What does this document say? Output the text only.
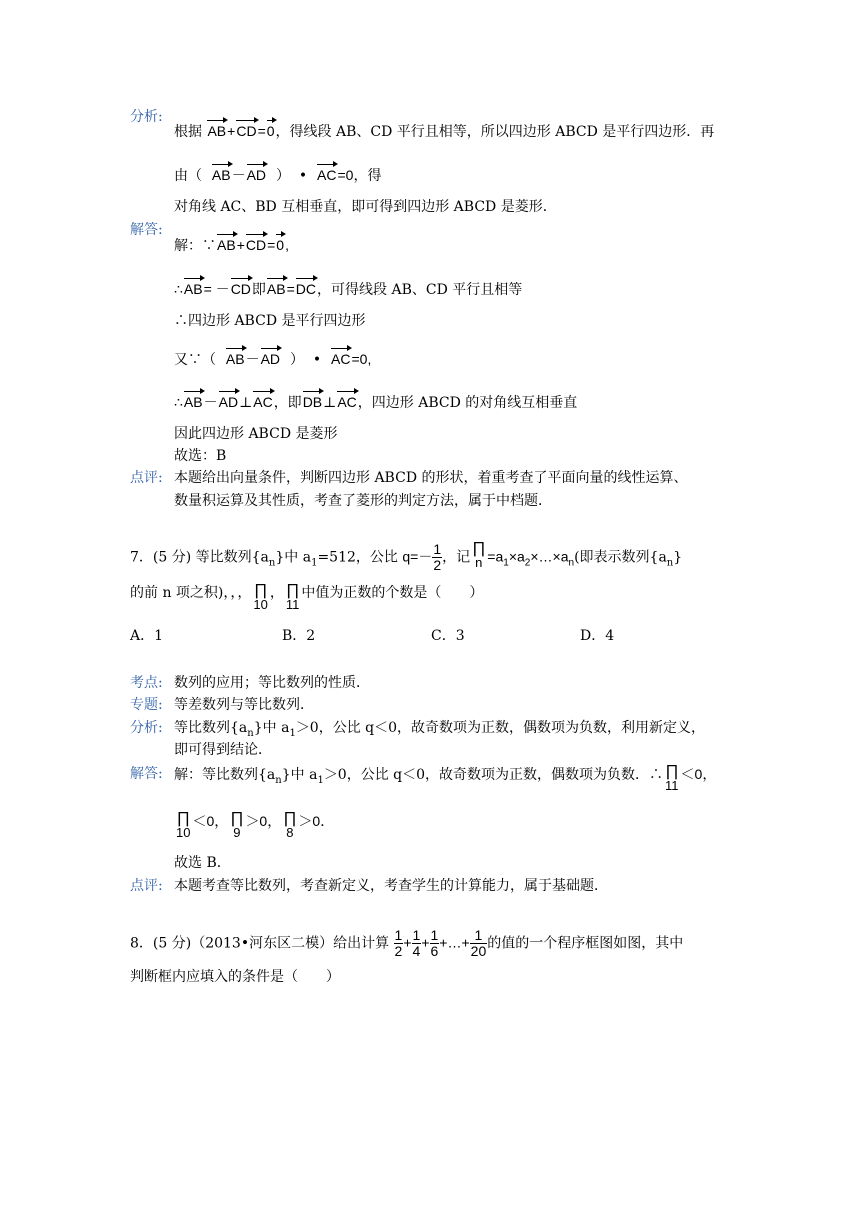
分析:
根据 AB+CD=0，得线段 AB、CD 平行且相等，所以四边形 ABCD 是平行四边形．再
由（ AB－AD ） • AC=0，得
对角线 AC、BD 互相垂直，即可得到四边形 ABCD 是菱形．
解答:
解：∵AB+CD=0,
∴AB= －CD即AB=DC，可得线段 AB、CD 平行且相等
∴四边形 ABCD 是平行四边形
又∵（ AB－AD ） • AC=0,
∴AB－AD⊥AC，即DB⊥AC，四边形 ABCD 的对角线互相垂直
因此四边形 ABCD 是菱形
故选：B
点评: 本题给出向量条件，判断四边形 ABCD 的形状，着重考查了平面向量的线性运算、
数量积运算及其性质，考查了菱形的判定方法，属于中档题．
7．(5 分) 等比数列$\{a_n\}$中 $a_1=512$，公比 $q=- \frac{1}{2}$ ，记
∏
$n =a_1\times a_2\times\dots\times a_n$(即表示数列$\{a_n\}$
的前 n 项之积)，，， ∏
10
， ∏
11
中值为正数的个数是（　　）
A．1	B．2	C．3	D．4
考点: 数列的应用；等比数列的性质．
专题: 等差数列与等比数列．
分析: 等比数列$\{a_n\}$中 $a_1>0$，公比 q＜0，故奇数项为正数，偶数项为负数，利用新定义，
即可得到结论．
解答: 解：等比数列$\{a_n\}$中 $a_1>0$，公比 q＜0，故奇数项为正数，偶数项为负数．∴ ∏
11
＜0，
∏
10
＜0， ∏
9
＞0， ∏
8
＞0．
故选 B．
点评: 本题考查等比数列，考查新定义，考查学生的计算能力，属于基础题．
8．(5 分)（2013•河东区二模）给出计算 $\frac{1}{2} + \frac{1}{4} + \frac{1}{6}$ +…+ $\frac{1}{20}$ 的值的一个程序框图如图，其中
判断框内应填入的条件是（　　）
